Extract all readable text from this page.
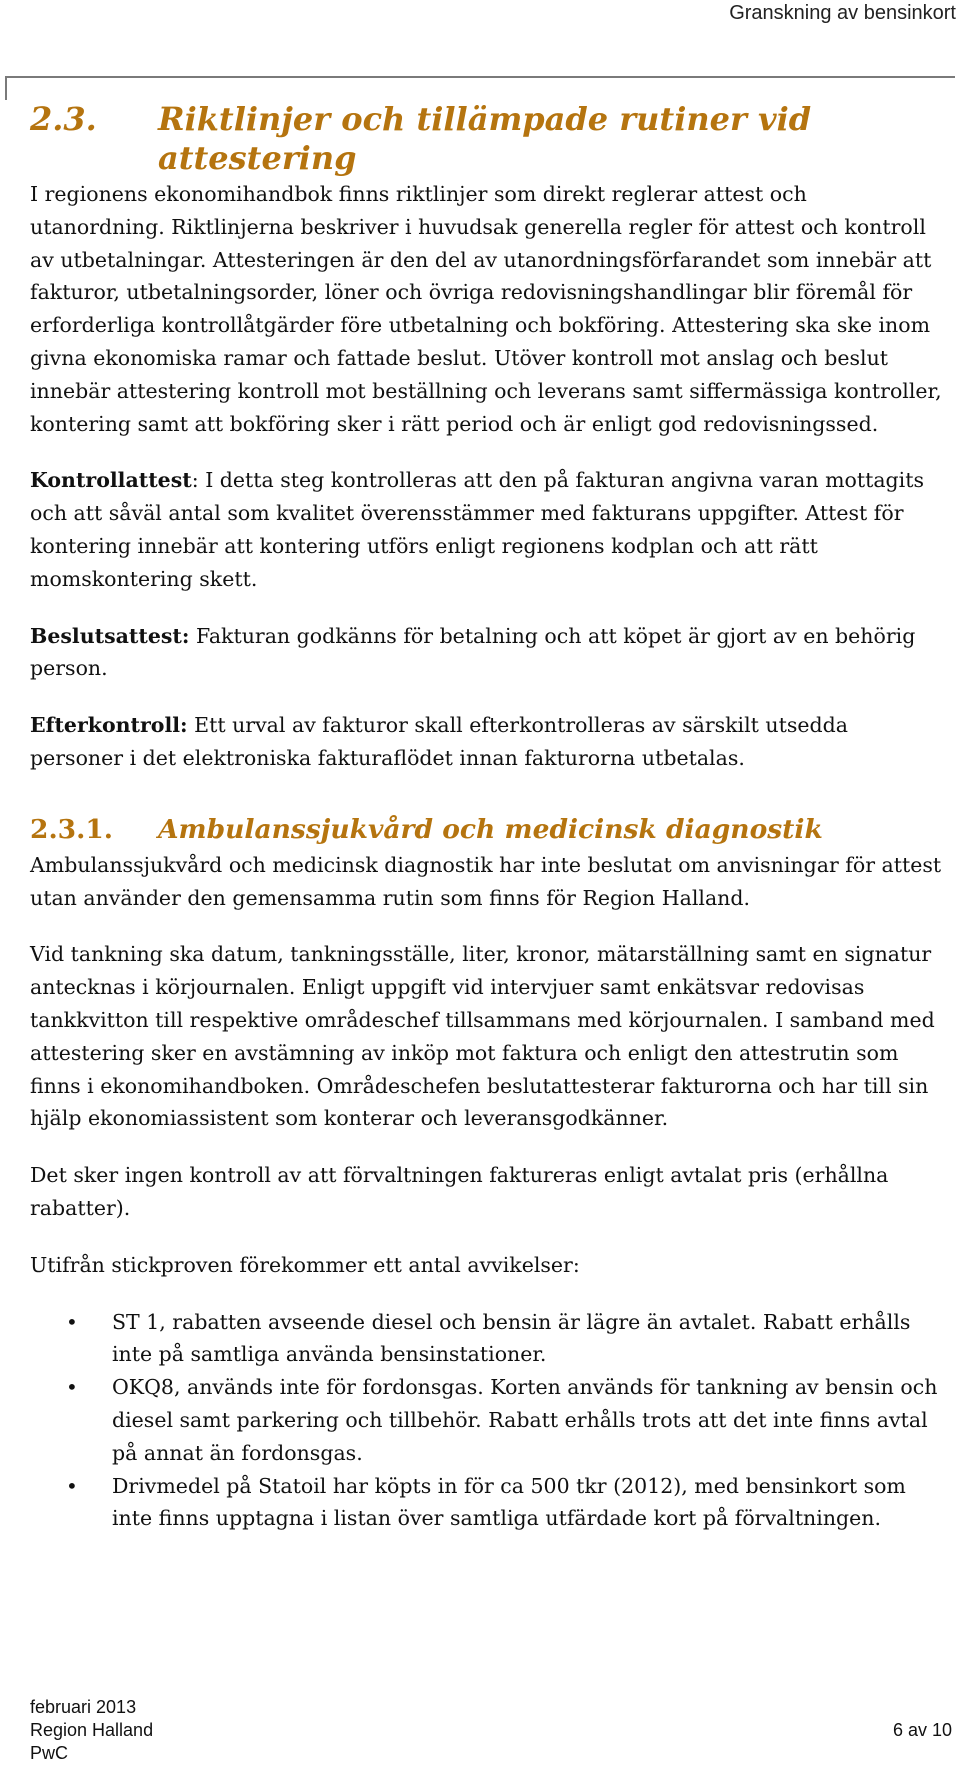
Granskning av bensinkort
2.3.	Riktlinjer och tillämpade rutiner vid attestering

I regionens ekonomihandbok finns riktlinjer som direkt reglerar attest och utanordning. Riktlinjerna beskriver i huvudsak generella regler för attest och kontroll av utbetalningar. Attesteringen är den del av utanordningsförfarandet som innebär att fakturor, utbetalningsorder, löner och övriga redovisningshandlingar blir föremål för erforderliga kontrollåtgärder före utbetalning och bokföring. Attestering ska ske inom givna ekonomiska ramar och fattade beslut. Utöver kontroll mot anslag och beslut innebär attestering kontroll mot beställning och leverans samt siffermässiga kontroller, kontering samt att bokföring sker i rätt period och är enligt god redovisningssed.

Kontrollattest: I detta steg kontrolleras att den på fakturan angivna varan mottagits och att såväl antal som kvalitet överensstämmer med fakturans uppgifter. Attest för kontering innebär att kontering utförs enligt regionens kodplan och att rätt momskontering skett.

Beslutsattest: Fakturan godkänns för betalning och att köpet är gjort av en behörig person.

Efterkontroll: Ett urval av fakturor skall efterkontrolleras av särskilt utsedda personer i det elektroniska fakturaflödet innan fakturorna utbetalas.

2.3.1.	Ambulanssjukvård och medicinsk diagnostik

Ambulanssjukvård och medicinsk diagnostik har inte beslutat om anvisningar för attest utan använder den gemensamma rutin som finns för Region Halland.

Vid tankning ska datum, tankningsställe, liter, kronor, mätarställning samt en signatur antecknas i körjournalen. Enligt uppgift vid intervjuer samt enkätsvar redovisas tankkvitton till respektive områdeschef tillsammans med körjournalen. I samband med attestering sker en avstämning av inköp mot faktura och enligt den attestrutin som finns i ekonomihandboken. Områdeschefen beslutattesterar fakturorna och har till sin hjälp ekonomiassistent som konterar och leveransgodkänner.

Det sker ingen kontroll av att förvaltningen faktureras enligt avtalat pris (erhållna rabatter).

Utifrån stickproven förekommer ett antal avvikelser:

• ST 1, rabatten avseende diesel och bensin är lägre än avtalet. Rabatt erhålls inte på samtliga använda bensinstationer.
• OKQ8, används inte för fordonsgas. Korten används för tankning av bensin och diesel samt parkering och tillbehör. Rabatt erhålls trots att det inte finns avtal på annat än fordonsgas.
• Drivmedel på Statoil har köpts in för ca 500 tkr (2012), med bensinkort som inte finns upptagna i listan över samtliga utfärdade kort på förvaltningen.
februari 2013
Region Halland
PwC
6 av 10
